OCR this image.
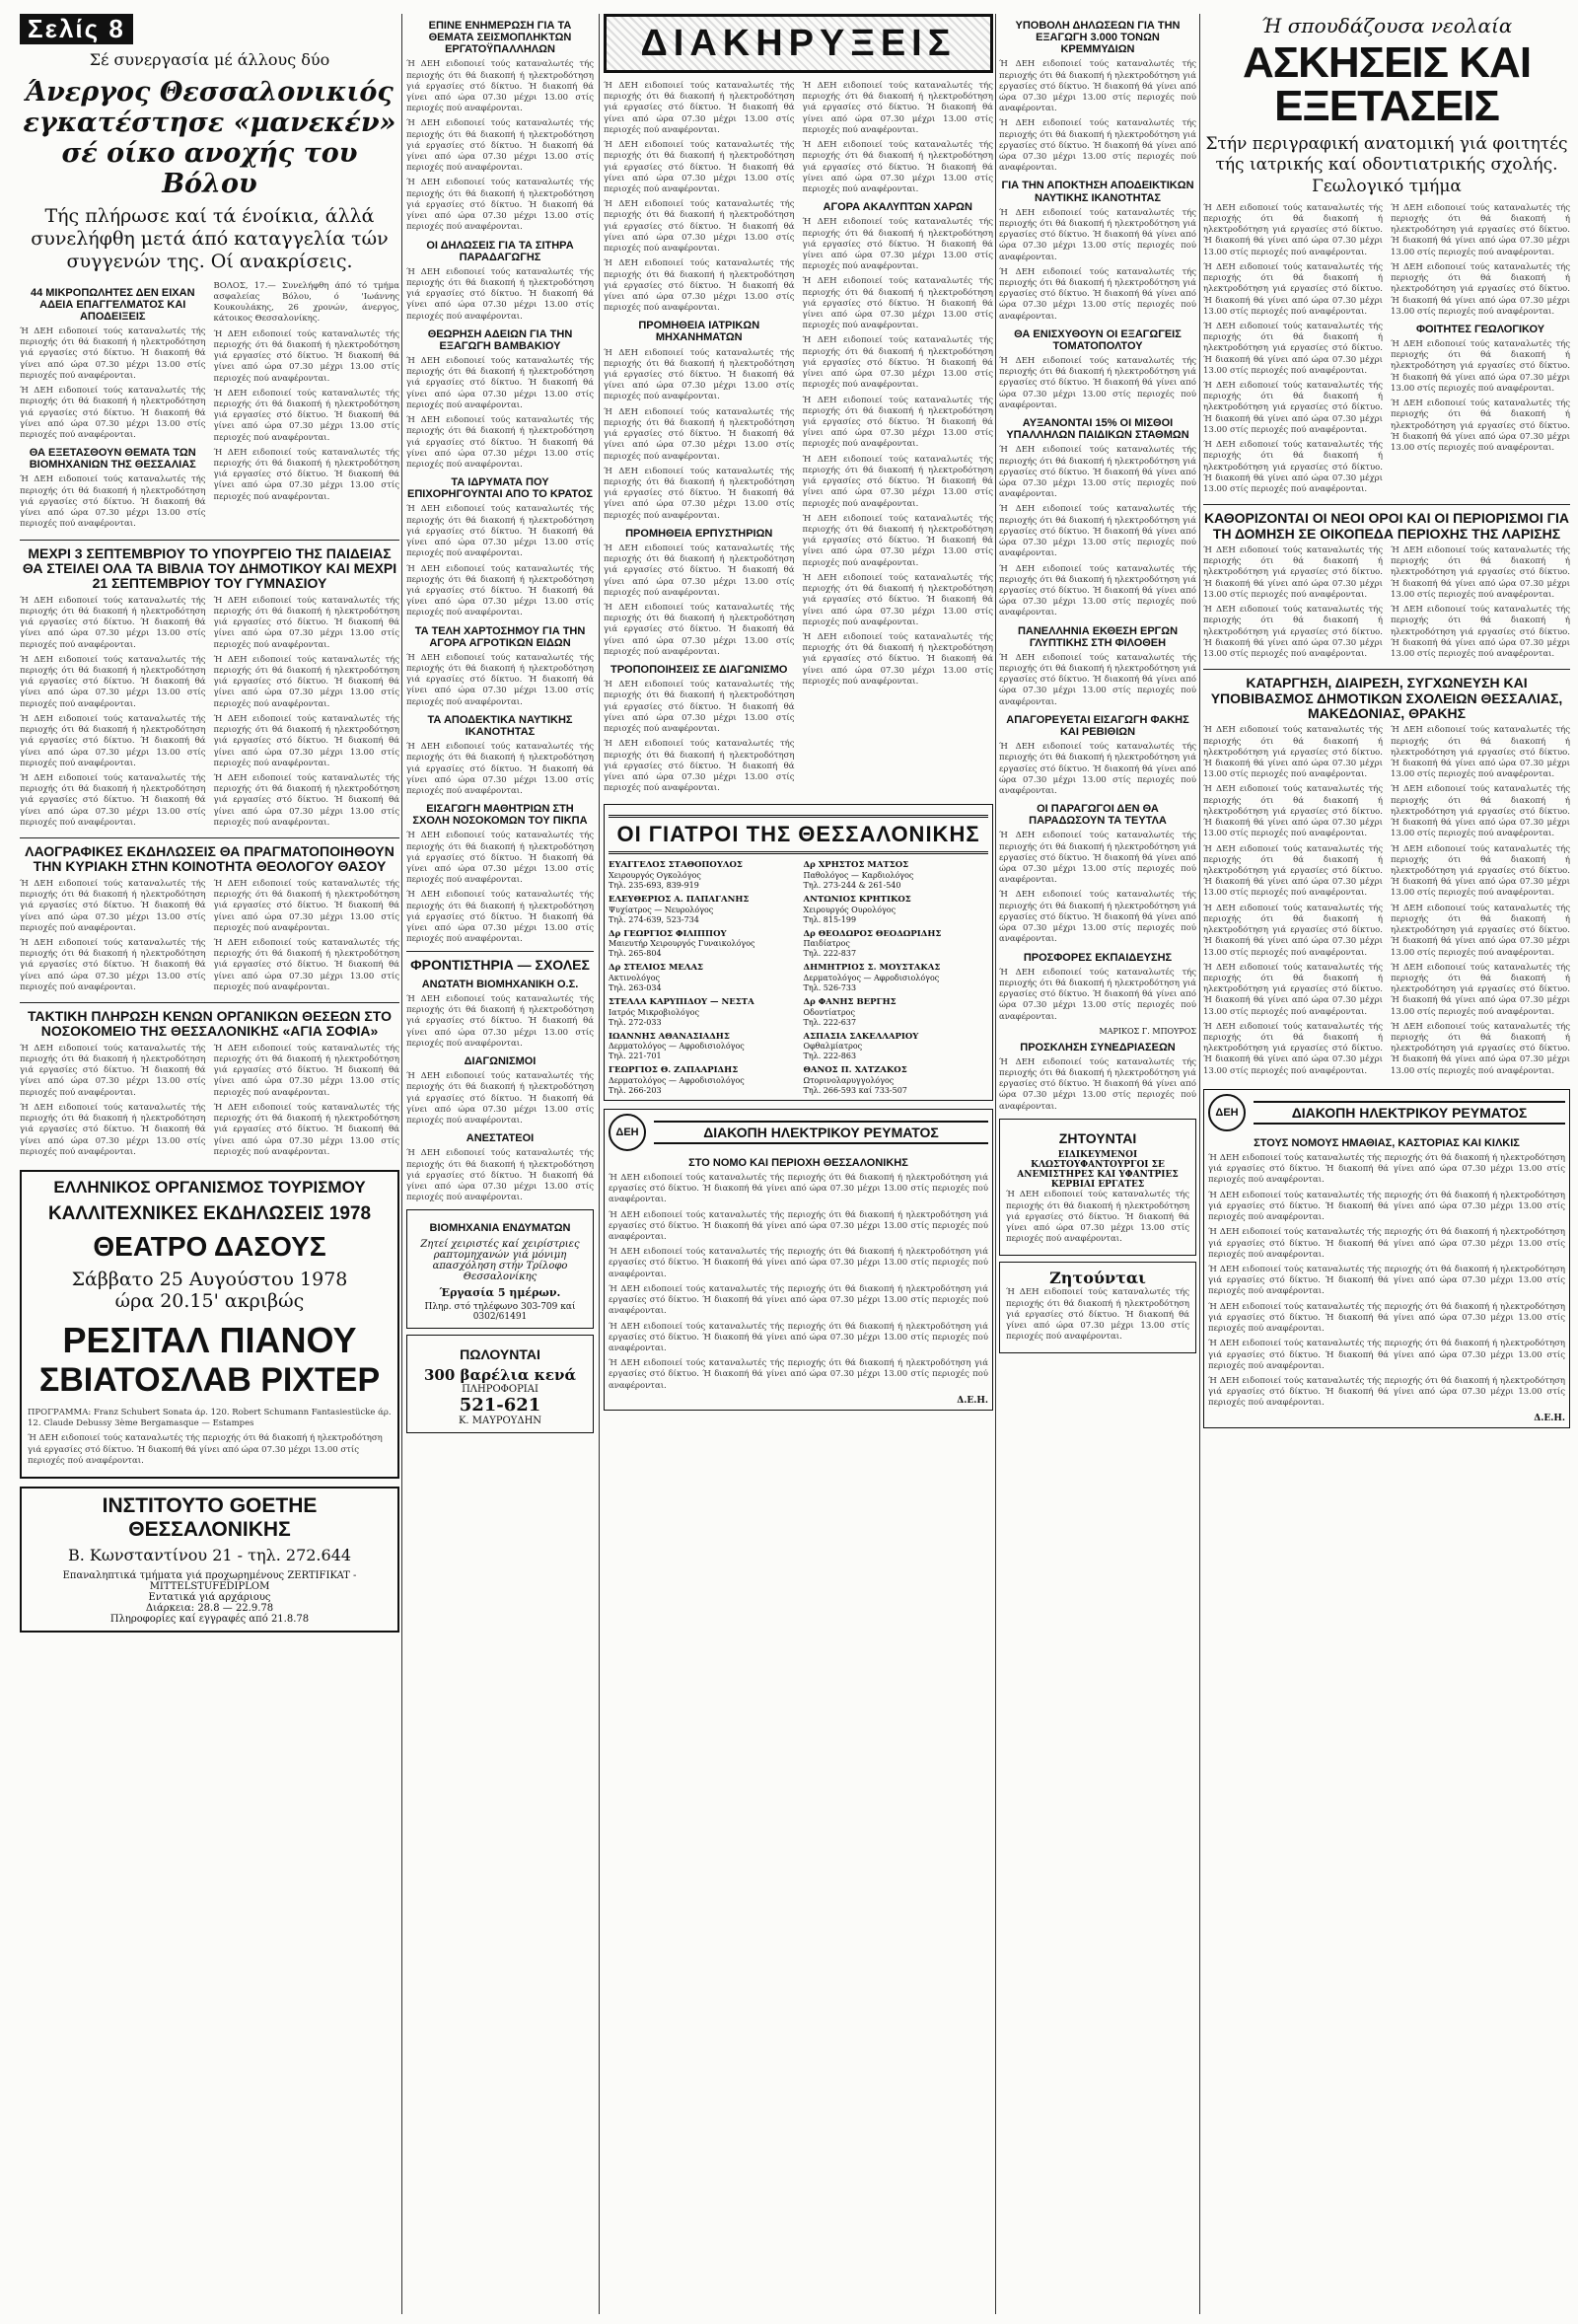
Σελίς 8
Σέ συνεργασία μέ άλλους δύο
Άνεργος Θεσσαλονικιός εγκατέστησε «μανεκέν» σέ οίκο ανοχής του Βόλου
Τής πλήρωσε καί τά ένοίκια, άλλά συνελήφθη μετά άπό καταγγελία τών συγγενών της. Οί ανακρίσεις.
44 ΜΙΚΡΟΠΩΛΗΤΕΣ ΔΕΝ ΕΙΧΑΝ ΑΔΕΙΑ ΕΠΑΓΓΕΛΜΑΤΟΣ ΚΑΙ ΑΠΟΔΕΙΞΕΙΣ

Ή ΔΕΗ ειδοποιεί τούς καταναλωτές τής περιοχής ότι θά διακοπή ή ηλεκτροδότηση γιά εργασίες στό δίκτυο. Ή διακοπή θά γίνει από ώρα 07.30 μέχρι 13.00 στίς περιοχές πού αναφέρονται.

Ή ΔΕΗ ειδοποιεί τούς καταναλωτές τής περιοχής ότι θά διακοπή ή ηλεκτροδότηση γιά εργασίες στό δίκτυο. Ή διακοπή θά γίνει από ώρα 07.30 μέχρι 13.00 στίς περιοχές πού αναφέρονται.

ΘΑ ΕΞΕΤΑΣΘΟΥΝ ΘΕΜΑΤΑ ΤΩΝ ΒΙΟΜΗΧΑΝΙΩΝ ΤΗΣ ΘΕΣΣΑΛΙΑΣ

Ή ΔΕΗ ειδοποιεί τούς καταναλωτές τής περιοχής ότι θά διακοπή ή ηλεκτροδότηση γιά εργασίες στό δίκτυο. Ή διακοπή θά γίνει από ώρα 07.30 μέχρι 13.00 στίς περιοχές πού αναφέρονται.

ΒΟΛΟΣ, 17.— Συνελήφθη άπό τό τμήμα ασφαλείας Βόλου, ό 'Ιωάννης Κουκουλάκης, 26 χρονών, άνεργος, κάτοικος Θεσσαλονίκης.

Ή ΔΕΗ ειδοποιεί τούς καταναλωτές τής περιοχής ότι θά διακοπή ή ηλεκτροδότηση γιά εργασίες στό δίκτυο. Ή διακοπή θά γίνει από ώρα 07.30 μέχρι 13.00 στίς περιοχές πού αναφέρονται.

Ή ΔΕΗ ειδοποιεί τούς καταναλωτές τής περιοχής ότι θά διακοπή ή ηλεκτροδότηση γιά εργασίες στό δίκτυο. Ή διακοπή θά γίνει από ώρα 07.30 μέχρι 13.00 στίς περιοχές πού αναφέρονται.

Ή ΔΕΗ ειδοποιεί τούς καταναλωτές τής περιοχής ότι θά διακοπή ή ηλεκτροδότηση γιά εργασίες στό δίκτυο. Ή διακοπή θά γίνει από ώρα 07.30 μέχρι 13.00 στίς περιοχές πού αναφέρονται.

ΜΕΧΡΙ 3 ΣΕΠΤΕΜΒΡΙΟΥ ΤΟ ΥΠΟΥΡΓΕΙΟ ΤΗΣ ΠΑΙΔΕΙΑΣ ΘΑ ΣΤΕΙΛΕΙ ΟΛΑ ΤΑ ΒΙΒΛΙΑ ΤΟΥ ΔΗΜΟΤΙΚΟΥ ΚΑΙ ΜΕΧΡΙ 21 ΣΕΠΤΕΜΒΡΙΟΥ ΤΟΥ ΓΥΜΝΑΣΙΟΥ

Ή ΔΕΗ ειδοποιεί τούς καταναλωτές τής περιοχής ότι θά διακοπή ή ηλεκτροδότηση γιά εργασίες στό δίκτυο. Ή διακοπή θά γίνει από ώρα 07.30 μέχρι 13.00 στίς περιοχές πού αναφέρονται.

Ή ΔΕΗ ειδοποιεί τούς καταναλωτές τής περιοχής ότι θά διακοπή ή ηλεκτροδότηση γιά εργασίες στό δίκτυο. Ή διακοπή θά γίνει από ώρα 07.30 μέχρι 13.00 στίς περιοχές πού αναφέρονται.

Ή ΔΕΗ ειδοποιεί τούς καταναλωτές τής περιοχής ότι θά διακοπή ή ηλεκτροδότηση γιά εργασίες στό δίκτυο. Ή διακοπή θά γίνει από ώρα 07.30 μέχρι 13.00 στίς περιοχές πού αναφέρονται.

Ή ΔΕΗ ειδοποιεί τούς καταναλωτές τής περιοχής ότι θά διακοπή ή ηλεκτροδότηση γιά εργασίες στό δίκτυο. Ή διακοπή θά γίνει από ώρα 07.30 μέχρι 13.00 στίς περιοχές πού αναφέρονται.

Ή ΔΕΗ ειδοποιεί τούς καταναλωτές τής περιοχής ότι θά διακοπή ή ηλεκτροδότηση γιά εργασίες στό δίκτυο. Ή διακοπή θά γίνει από ώρα 07.30 μέχρι 13.00 στίς περιοχές πού αναφέρονται.

Ή ΔΕΗ ειδοποιεί τούς καταναλωτές τής περιοχής ότι θά διακοπή ή ηλεκτροδότηση γιά εργασίες στό δίκτυο. Ή διακοπή θά γίνει από ώρα 07.30 μέχρι 13.00 στίς περιοχές πού αναφέρονται.

Ή ΔΕΗ ειδοποιεί τούς καταναλωτές τής περιοχής ότι θά διακοπή ή ηλεκτροδότηση γιά εργασίες στό δίκτυο. Ή διακοπή θά γίνει από ώρα 07.30 μέχρι 13.00 στίς περιοχές πού αναφέρονται.

Ή ΔΕΗ ειδοποιεί τούς καταναλωτές τής περιοχής ότι θά διακοπή ή ηλεκτροδότηση γιά εργασίες στό δίκτυο. Ή διακοπή θά γίνει από ώρα 07.30 μέχρι 13.00 στίς περιοχές πού αναφέρονται.

ΛΑΟΓΡΑΦΙΚΕΣ ΕΚΔΗΛΩΣΕΙΣ ΘΑ ΠΡΑΓΜΑΤΟΠΟΙΗΘΟΥΝ ΤΗΝ ΚΥΡΙΑΚΗ ΣΤΗΝ ΚΟΙΝΟΤΗΤΑ ΘΕΟΛΟΓΟΥ ΘΑΣΟΥ

Ή ΔΕΗ ειδοποιεί τούς καταναλωτές τής περιοχής ότι θά διακοπή ή ηλεκτροδότηση γιά εργασίες στό δίκτυο. Ή διακοπή θά γίνει από ώρα 07.30 μέχρι 13.00 στίς περιοχές πού αναφέρονται.

Ή ΔΕΗ ειδοποιεί τούς καταναλωτές τής περιοχής ότι θά διακοπή ή ηλεκτροδότηση γιά εργασίες στό δίκτυο. Ή διακοπή θά γίνει από ώρα 07.30 μέχρι 13.00 στίς περιοχές πού αναφέρονται.

Ή ΔΕΗ ειδοποιεί τούς καταναλωτές τής περιοχής ότι θά διακοπή ή ηλεκτροδότηση γιά εργασίες στό δίκτυο. Ή διακοπή θά γίνει από ώρα 07.30 μέχρι 13.00 στίς περιοχές πού αναφέρονται.

Ή ΔΕΗ ειδοποιεί τούς καταναλωτές τής περιοχής ότι θά διακοπή ή ηλεκτροδότηση γιά εργασίες στό δίκτυο. Ή διακοπή θά γίνει από ώρα 07.30 μέχρι 13.00 στίς περιοχές πού αναφέρονται.

ΤΑΚΤΙΚΗ ΠΛΗΡΩΣΗ ΚΕΝΩΝ ΟΡΓΑΝΙΚΩΝ ΘΕΣΕΩΝ ΣΤΟ ΝΟΣΟΚΟΜΕΙΟ ΤΗΣ ΘΕΣΣΑΛΟΝΙΚΗΣ «ΑΓΙΑ ΣΟΦΙΑ»

Ή ΔΕΗ ειδοποιεί τούς καταναλωτές τής περιοχής ότι θά διακοπή ή ηλεκτροδότηση γιά εργασίες στό δίκτυο. Ή διακοπή θά γίνει από ώρα 07.30 μέχρι 13.00 στίς περιοχές πού αναφέρονται.

Ή ΔΕΗ ειδοποιεί τούς καταναλωτές τής περιοχής ότι θά διακοπή ή ηλεκτροδότηση γιά εργασίες στό δίκτυο. Ή διακοπή θά γίνει από ώρα 07.30 μέχρι 13.00 στίς περιοχές πού αναφέρονται.

Ή ΔΕΗ ειδοποιεί τούς καταναλωτές τής περιοχής ότι θά διακοπή ή ηλεκτροδότηση γιά εργασίες στό δίκτυο. Ή διακοπή θά γίνει από ώρα 07.30 μέχρι 13.00 στίς περιοχές πού αναφέρονται.

Ή ΔΕΗ ειδοποιεί τούς καταναλωτές τής περιοχής ότι θά διακοπή ή ηλεκτροδότηση γιά εργασίες στό δίκτυο. Ή διακοπή θά γίνει από ώρα 07.30 μέχρι 13.00 στίς περιοχές πού αναφέρονται.

ΕΛΛΗΝΙΚΟΣ ΟΡΓΑΝΙΣΜΟΣ ΤΟΥΡΙΣΜΟΥ
ΚΑΛΛΙΤΕΧΝΙΚΕΣ ΕΚΔΗΛΩΣΕΙΣ 1978
ΘΕΑΤΡΟ ΔΑΣΟΥΣ
Σάββατο 25 Αυγούστου 1978
ώρα 20.15' ακριβώς
ΡΕΣΙΤΑΛ ΠΙΑΝΟΥ
ΣΒΙΑΤΟΣΛΑΒ ΡΙΧΤΕΡ

ΠΡΟΓΡΑΜΜΑ: Franz Schubert Sonata άρ. 120. Robert Schumann Fantasiestücke άρ. 12. Claude Debussy 3ème Bergamasque — Estampes

Ή ΔΕΗ ειδοποιεί τούς καταναλωτές τής περιοχής ότι θά διακοπή ή ηλεκτροδότηση γιά εργασίες στό δίκτυο. Ή διακοπή θά γίνει από ώρα 07.30 μέχρι 13.00 στίς περιοχές πού αναφέρονται.

ΙΝΣΤΙΤΟΥΤΟ GOETHE ΘΕΣΣΑΛΟΝΙΚΗΣ
Β. Κωνσταντίνου 21 - τηλ. 272.644
Επαναληπτικά τμήματα γιά προχωρημένους ZERTIFIKAT - MITTELSTUFEDIPLOM
Εντατικά γιά αρχάριους
Διάρκεια: 28.8 — 22.9.78
Πληροφορίες καί εγγραφές από 21.8.78
ΕΠΙΝΕ ΕΝΗΜΕΡΩΣΗ ΓΙΑ ΤΑ ΘΕΜΑΤΑ ΣΕΙΣΜΟΠΛΗΚΤΩΝ ΕΡΓΑΤΟΫΠΑΛΛΗΛΩΝ

Ή ΔΕΗ ειδοποιεί τούς καταναλωτές τής περιοχής ότι θά διακοπή ή ηλεκτροδότηση γιά εργασίες στό δίκτυο. Ή διακοπή θά γίνει από ώρα 07.30 μέχρι 13.00 στίς περιοχές πού αναφέρονται.

Ή ΔΕΗ ειδοποιεί τούς καταναλωτές τής περιοχής ότι θά διακοπή ή ηλεκτροδότηση γιά εργασίες στό δίκτυο. Ή διακοπή θά γίνει από ώρα 07.30 μέχρι 13.00 στίς περιοχές πού αναφέρονται.

Ή ΔΕΗ ειδοποιεί τούς καταναλωτές τής περιοχής ότι θά διακοπή ή ηλεκτροδότηση γιά εργασίες στό δίκτυο. Ή διακοπή θά γίνει από ώρα 07.30 μέχρι 13.00 στίς περιοχές πού αναφέρονται.

ΟΙ ΔΗΛΩΣΕΙΣ ΓΙΑ ΤΑ ΣΙΤΗΡΑ ΠΑΡΑΔΑΓΩΓΗΣ

Ή ΔΕΗ ειδοποιεί τούς καταναλωτές τής περιοχής ότι θά διακοπή ή ηλεκτροδότηση γιά εργασίες στό δίκτυο. Ή διακοπή θά γίνει από ώρα 07.30 μέχρι 13.00 στίς περιοχές πού αναφέρονται.

ΘΕΩΡΗΣΗ ΑΔΕΙΩΝ ΓΙΑ ΤΗΝ ΕΞΑΓΩΓΗ ΒΑΜΒΑΚΙΟΥ

Ή ΔΕΗ ειδοποιεί τούς καταναλωτές τής περιοχής ότι θά διακοπή ή ηλεκτροδότηση γιά εργασίες στό δίκτυο. Ή διακοπή θά γίνει από ώρα 07.30 μέχρι 13.00 στίς περιοχές πού αναφέρονται.

Ή ΔΕΗ ειδοποιεί τούς καταναλωτές τής περιοχής ότι θά διακοπή ή ηλεκτροδότηση γιά εργασίες στό δίκτυο. Ή διακοπή θά γίνει από ώρα 07.30 μέχρι 13.00 στίς περιοχές πού αναφέρονται.

ΤΑ ΙΔΡΥΜΑΤΑ ΠΟΥ ΕΠΙΧΟΡΗΓΟΥΝΤΑΙ ΑΠΟ ΤΟ ΚΡΑΤΟΣ

Ή ΔΕΗ ειδοποιεί τούς καταναλωτές τής περιοχής ότι θά διακοπή ή ηλεκτροδότηση γιά εργασίες στό δίκτυο. Ή διακοπή θά γίνει από ώρα 07.30 μέχρι 13.00 στίς περιοχές πού αναφέρονται.

Ή ΔΕΗ ειδοποιεί τούς καταναλωτές τής περιοχής ότι θά διακοπή ή ηλεκτροδότηση γιά εργασίες στό δίκτυο. Ή διακοπή θά γίνει από ώρα 07.30 μέχρι 13.00 στίς περιοχές πού αναφέρονται.

ΤΑ ΤΕΛΗ ΧΑΡΤΟΣΗΜΟΥ ΓΙΑ ΤΗΝ ΑΓΟΡΑ ΑΓΡΟΤΙΚΩΝ ΕΙΔΩΝ

Ή ΔΕΗ ειδοποιεί τούς καταναλωτές τής περιοχής ότι θά διακοπή ή ηλεκτροδότηση γιά εργασίες στό δίκτυο. Ή διακοπή θά γίνει από ώρα 07.30 μέχρι 13.00 στίς περιοχές πού αναφέρονται.

ΤΑ ΑΠΟΔΕΚΤΙΚΑ ΝΑΥΤΙΚΗΣ ΙΚΑΝΟΤΗΤΑΣ

Ή ΔΕΗ ειδοποιεί τούς καταναλωτές τής περιοχής ότι θά διακοπή ή ηλεκτροδότηση γιά εργασίες στό δίκτυο. Ή διακοπή θά γίνει από ώρα 07.30 μέχρι 13.00 στίς περιοχές πού αναφέρονται.

ΕΙΣΑΓΩΓΗ ΜΑΘΗΤΡΙΩΝ ΣΤΗ ΣΧΟΛΗ ΝΟΣΟΚΟΜΩΝ ΤΟΥ ΠΙΚΠΑ

Ή ΔΕΗ ειδοποιεί τούς καταναλωτές τής περιοχής ότι θά διακοπή ή ηλεκτροδότηση γιά εργασίες στό δίκτυο. Ή διακοπή θά γίνει από ώρα 07.30 μέχρι 13.00 στίς περιοχές πού αναφέρονται.

Ή ΔΕΗ ειδοποιεί τούς καταναλωτές τής περιοχής ότι θά διακοπή ή ηλεκτροδότηση γιά εργασίες στό δίκτυο. Ή διακοπή θά γίνει από ώρα 07.30 μέχρι 13.00 στίς περιοχές πού αναφέρονται.

ΦΡΟΝΤΙΣΤΗΡΙΑ — ΣΧΟΛΕΣ
ΑΝΩΤΑΤΗ ΒΙΟΜΗΧΑΝΙΚΗ Ο.Σ.

Ή ΔΕΗ ειδοποιεί τούς καταναλωτές τής περιοχής ότι θά διακοπή ή ηλεκτροδότηση γιά εργασίες στό δίκτυο. Ή διακοπή θά γίνει από ώρα 07.30 μέχρι 13.00 στίς περιοχές πού αναφέρονται.

ΔΙΑΓΩΝΙΣΜΟΙ

Ή ΔΕΗ ειδοποιεί τούς καταναλωτές τής περιοχής ότι θά διακοπή ή ηλεκτροδότηση γιά εργασίες στό δίκτυο. Ή διακοπή θά γίνει από ώρα 07.30 μέχρι 13.00 στίς περιοχές πού αναφέρονται.

ΑΝΕΣΤΑΤΕΟΙ

Ή ΔΕΗ ειδοποιεί τούς καταναλωτές τής περιοχής ότι θά διακοπή ή ηλεκτροδότηση γιά εργασίες στό δίκτυο. Ή διακοπή θά γίνει από ώρα 07.30 μέχρι 13.00 στίς περιοχές πού αναφέρονται.

ΒΙΟΜΗΧΑΝΙΑ ΕΝΔΥΜΑΤΩΝ
Ζητεί χειριστές καί χειρίστριες ραπτομηχανών γιά μόνιμη απασχόληση στήν Τρίλοφο Θεσσαλονίκης
Έργασία 5 ημέρων.
Πληρ. στό τηλέφωνο 303-709 καί 0302/61491
ΠΩΛΟΥΝΤΑΙ
300 βαρέλια κενά
ΠΛΗΡΟΦΟΡΙΑΙ
521-621
Κ. ΜΑΥΡΟΥΔΗΝ
ΔΙΑΚΗΡΥΞΕΙΣ

Ή ΔΕΗ ειδοποιεί τούς καταναλωτές τής περιοχής ότι θά διακοπή ή ηλεκτροδότηση γιά εργασίες στό δίκτυο. Ή διακοπή θά γίνει από ώρα 07.30 μέχρι 13.00 στίς περιοχές πού αναφέρονται.

Ή ΔΕΗ ειδοποιεί τούς καταναλωτές τής περιοχής ότι θά διακοπή ή ηλεκτροδότηση γιά εργασίες στό δίκτυο. Ή διακοπή θά γίνει από ώρα 07.30 μέχρι 13.00 στίς περιοχές πού αναφέρονται.

Ή ΔΕΗ ειδοποιεί τούς καταναλωτές τής περιοχής ότι θά διακοπή ή ηλεκτροδότηση γιά εργασίες στό δίκτυο. Ή διακοπή θά γίνει από ώρα 07.30 μέχρι 13.00 στίς περιοχές πού αναφέρονται.

Ή ΔΕΗ ειδοποιεί τούς καταναλωτές τής περιοχής ότι θά διακοπή ή ηλεκτροδότηση γιά εργασίες στό δίκτυο. Ή διακοπή θά γίνει από ώρα 07.30 μέχρι 13.00 στίς περιοχές πού αναφέρονται.

ΠΡΟΜΗΘΕΙΑ ΙΑΤΡΙΚΩΝ ΜΗΧΑΝΗΜΑΤΩΝ

Ή ΔΕΗ ειδοποιεί τούς καταναλωτές τής περιοχής ότι θά διακοπή ή ηλεκτροδότηση γιά εργασίες στό δίκτυο. Ή διακοπή θά γίνει από ώρα 07.30 μέχρι 13.00 στίς περιοχές πού αναφέρονται.

Ή ΔΕΗ ειδοποιεί τούς καταναλωτές τής περιοχής ότι θά διακοπή ή ηλεκτροδότηση γιά εργασίες στό δίκτυο. Ή διακοπή θά γίνει από ώρα 07.30 μέχρι 13.00 στίς περιοχές πού αναφέρονται.

Ή ΔΕΗ ειδοποιεί τούς καταναλωτές τής περιοχής ότι θά διακοπή ή ηλεκτροδότηση γιά εργασίες στό δίκτυο. Ή διακοπή θά γίνει από ώρα 07.30 μέχρι 13.00 στίς περιοχές πού αναφέρονται.

ΠΡΟΜΗΘΕΙΑ ΕΡΠΥΣΤΗΡΙΩΝ

Ή ΔΕΗ ειδοποιεί τούς καταναλωτές τής περιοχής ότι θά διακοπή ή ηλεκτροδότηση γιά εργασίες στό δίκτυο. Ή διακοπή θά γίνει από ώρα 07.30 μέχρι 13.00 στίς περιοχές πού αναφέρονται.

Ή ΔΕΗ ειδοποιεί τούς καταναλωτές τής περιοχής ότι θά διακοπή ή ηλεκτροδότηση γιά εργασίες στό δίκτυο. Ή διακοπή θά γίνει από ώρα 07.30 μέχρι 13.00 στίς περιοχές πού αναφέρονται.

ΤΡΟΠΟΠΟΙΗΣΕΙΣ ΣΕ ΔΙΑΓΩΝΙΣΜΟ

Ή ΔΕΗ ειδοποιεί τούς καταναλωτές τής περιοχής ότι θά διακοπή ή ηλεκτροδότηση γιά εργασίες στό δίκτυο. Ή διακοπή θά γίνει από ώρα 07.30 μέχρι 13.00 στίς περιοχές πού αναφέρονται.

Ή ΔΕΗ ειδοποιεί τούς καταναλωτές τής περιοχής ότι θά διακοπή ή ηλεκτροδότηση γιά εργασίες στό δίκτυο. Ή διακοπή θά γίνει από ώρα 07.30 μέχρι 13.00 στίς περιοχές πού αναφέρονται.

Ή ΔΕΗ ειδοποιεί τούς καταναλωτές τής περιοχής ότι θά διακοπή ή ηλεκτροδότηση γιά εργασίες στό δίκτυο. Ή διακοπή θά γίνει από ώρα 07.30 μέχρι 13.00 στίς περιοχές πού αναφέρονται.

Ή ΔΕΗ ειδοποιεί τούς καταναλωτές τής περιοχής ότι θά διακοπή ή ηλεκτροδότηση γιά εργασίες στό δίκτυο. Ή διακοπή θά γίνει από ώρα 07.30 μέχρι 13.00 στίς περιοχές πού αναφέρονται.

ΑΓΟΡΑ ΑΚΑΛΥΠΤΩΝ ΧΑΡΩΝ

Ή ΔΕΗ ειδοποιεί τούς καταναλωτές τής περιοχής ότι θά διακοπή ή ηλεκτροδότηση γιά εργασίες στό δίκτυο. Ή διακοπή θά γίνει από ώρα 07.30 μέχρι 13.00 στίς περιοχές πού αναφέρονται.

Ή ΔΕΗ ειδοποιεί τούς καταναλωτές τής περιοχής ότι θά διακοπή ή ηλεκτροδότηση γιά εργασίες στό δίκτυο. Ή διακοπή θά γίνει από ώρα 07.30 μέχρι 13.00 στίς περιοχές πού αναφέρονται.

Ή ΔΕΗ ειδοποιεί τούς καταναλωτές τής περιοχής ότι θά διακοπή ή ηλεκτροδότηση γιά εργασίες στό δίκτυο. Ή διακοπή θά γίνει από ώρα 07.30 μέχρι 13.00 στίς περιοχές πού αναφέρονται.

Ή ΔΕΗ ειδοποιεί τούς καταναλωτές τής περιοχής ότι θά διακοπή ή ηλεκτροδότηση γιά εργασίες στό δίκτυο. Ή διακοπή θά γίνει από ώρα 07.30 μέχρι 13.00 στίς περιοχές πού αναφέρονται.

Ή ΔΕΗ ειδοποιεί τούς καταναλωτές τής περιοχής ότι θά διακοπή ή ηλεκτροδότηση γιά εργασίες στό δίκτυο. Ή διακοπή θά γίνει από ώρα 07.30 μέχρι 13.00 στίς περιοχές πού αναφέρονται.

Ή ΔΕΗ ειδοποιεί τούς καταναλωτές τής περιοχής ότι θά διακοπή ή ηλεκτροδότηση γιά εργασίες στό δίκτυο. Ή διακοπή θά γίνει από ώρα 07.30 μέχρι 13.00 στίς περιοχές πού αναφέρονται.

Ή ΔΕΗ ειδοποιεί τούς καταναλωτές τής περιοχής ότι θά διακοπή ή ηλεκτροδότηση γιά εργασίες στό δίκτυο. Ή διακοπή θά γίνει από ώρα 07.30 μέχρι 13.00 στίς περιοχές πού αναφέρονται.

Ή ΔΕΗ ειδοποιεί τούς καταναλωτές τής περιοχής ότι θά διακοπή ή ηλεκτροδότηση γιά εργασίες στό δίκτυο. Ή διακοπή θά γίνει από ώρα 07.30 μέχρι 13.00 στίς περιοχές πού αναφέρονται.

ΟΙ ΓΙΑΤΡΟΙ ΤΗΣ ΘΕΣΣΑΛΟΝΙΚΗΣ
ΕΥΑΓΓΕΛΟΣ ΣΤΑΘΟΠΟΥΛΟΣ
Χειρουργός Ογκολόγος
Τηλ. 235-693, 839-919
Δρ ΧΡΗΣΤΟΣ ΜΑΤΣΟΣ
Παθολόγος — Καρδιολόγος
Τηλ. 273-244 & 261-540
ΕΛΕΥΘΕΡΙΟΣ Α. ΠΑΠΑΓΑΝΗΣ
Ψυχίατρος — Νευρολόγος
Τηλ. 274-639, 523-734
ΑΝΤΩΝΙΟΣ ΚΡΗΤΙΚΟΣ
Χειρουργός Ουρολόγος
Τηλ. 815-199
Δρ ΓΕΩΡΓΙΟΣ ΦΙΛΙΠΠΟΥ
Μαιευτήρ Χειρουργός Γυναικολόγος
Τηλ. 265-804
Δρ ΘΕΟΔΩΡΟΣ ΘΕΟΔΩΡΙΔΗΣ
Παιδίατρος
Τηλ. 222-837
Δρ ΣΤΕΛΙΟΣ ΜΕΛΑΣ
Ακτινολόγος
Τηλ. 263-034
ΔΗΜΗΤΡΙΟΣ Σ. ΜΟΥΣΤΑΚΑΣ
Δερματολόγος — Αφροδισιολόγος
Τηλ. 526-733
ΣΤΕΛΛΑ ΚΑΡΥΠΙΔΟΥ — ΝΕΣΤΑ
Ιατρός Μικροβιολόγος
Τηλ. 272-033
Δρ ΦΑΝΗΣ ΒΕΡΓΗΣ
Οδοντίατρος
Τηλ. 222-637
ΙΩΑΝΝΗΣ ΑΘΑΝΑΣΙΑΔΗΣ
Δερματολόγος — Αφροδισιολόγος
Τηλ. 221-701
ΑΣΠΑΣΙΑ ΣΑΚΕΛΛΑΡΙΟΥ
Οφθαλμίατρος
Τηλ. 222-863
ΓΕΩΡΓΙΟΣ Θ. ΖΑΠΑΑΡΙΔΗΣ
Δερματολόγος — Αφροδισιολόγος
Τηλ. 266-203
ΘΑΝΟΣ Π. ΧΑΤΖΑΚΟΣ
Ωτορινολαρυγγολόγος
Τηλ. 266-593 καί 733-507
ΔΕΗ	ΔΙΑΚΟΠΗ ΗΛΕΚΤΡΙΚΟΥ ΡΕΥΜΑΤΟΣ
ΣΤΟ ΝΟΜΟ ΚΑΙ ΠΕΡΙΟΧΗ ΘΕΣΣΑΛΟΝΙΚΗΣ

Ή ΔΕΗ ειδοποιεί τούς καταναλωτές τής περιοχής ότι θά διακοπή ή ηλεκτροδότηση γιά εργασίες στό δίκτυο. Ή διακοπή θά γίνει από ώρα 07.30 μέχρι 13.00 στίς περιοχές πού αναφέρονται.

Ή ΔΕΗ ειδοποιεί τούς καταναλωτές τής περιοχής ότι θά διακοπή ή ηλεκτροδότηση γιά εργασίες στό δίκτυο. Ή διακοπή θά γίνει από ώρα 07.30 μέχρι 13.00 στίς περιοχές πού αναφέρονται.

Ή ΔΕΗ ειδοποιεί τούς καταναλωτές τής περιοχής ότι θά διακοπή ή ηλεκτροδότηση γιά εργασίες στό δίκτυο. Ή διακοπή θά γίνει από ώρα 07.30 μέχρι 13.00 στίς περιοχές πού αναφέρονται.

Ή ΔΕΗ ειδοποιεί τούς καταναλωτές τής περιοχής ότι θά διακοπή ή ηλεκτροδότηση γιά εργασίες στό δίκτυο. Ή διακοπή θά γίνει από ώρα 07.30 μέχρι 13.00 στίς περιοχές πού αναφέρονται.

Ή ΔΕΗ ειδοποιεί τούς καταναλωτές τής περιοχής ότι θά διακοπή ή ηλεκτροδότηση γιά εργασίες στό δίκτυο. Ή διακοπή θά γίνει από ώρα 07.30 μέχρι 13.00 στίς περιοχές πού αναφέρονται.

Ή ΔΕΗ ειδοποιεί τούς καταναλωτές τής περιοχής ότι θά διακοπή ή ηλεκτροδότηση γιά εργασίες στό δίκτυο. Ή διακοπή θά γίνει από ώρα 07.30 μέχρι 13.00 στίς περιοχές πού αναφέρονται.

Δ.Ε.Η.
ΥΠΟΒΟΛΗ ΔΗΛΩΣΕΩΝ ΓΙΑ ΤΗΝ ΕΞΑΓΩΓΗ 3.000 ΤΟΝΩΝ ΚΡΕΜΜΥΔΙΩΝ

Ή ΔΕΗ ειδοποιεί τούς καταναλωτές τής περιοχής ότι θά διακοπή ή ηλεκτροδότηση γιά εργασίες στό δίκτυο. Ή διακοπή θά γίνει από ώρα 07.30 μέχρι 13.00 στίς περιοχές πού αναφέρονται.

Ή ΔΕΗ ειδοποιεί τούς καταναλωτές τής περιοχής ότι θά διακοπή ή ηλεκτροδότηση γιά εργασίες στό δίκτυο. Ή διακοπή θά γίνει από ώρα 07.30 μέχρι 13.00 στίς περιοχές πού αναφέρονται.

ΓΙΑ ΤΗΝ ΑΠΟΚΤΗΣΗ ΑΠΟΔΕΙΚΤΙΚΩΝ ΝΑΥΤΙΚΗΣ ΙΚΑΝΟΤΗΤΑΣ

Ή ΔΕΗ ειδοποιεί τούς καταναλωτές τής περιοχής ότι θά διακοπή ή ηλεκτροδότηση γιά εργασίες στό δίκτυο. Ή διακοπή θά γίνει από ώρα 07.30 μέχρι 13.00 στίς περιοχές πού αναφέρονται.

Ή ΔΕΗ ειδοποιεί τούς καταναλωτές τής περιοχής ότι θά διακοπή ή ηλεκτροδότηση γιά εργασίες στό δίκτυο. Ή διακοπή θά γίνει από ώρα 07.30 μέχρι 13.00 στίς περιοχές πού αναφέρονται.

ΘΑ ΕΝΙΣΧΥΘΟΥΝ ΟΙ ΕΞΑΓΩΓΕΙΣ ΤΟΜΑΤΟΠΟΛΤΟΥ

Ή ΔΕΗ ειδοποιεί τούς καταναλωτές τής περιοχής ότι θά διακοπή ή ηλεκτροδότηση γιά εργασίες στό δίκτυο. Ή διακοπή θά γίνει από ώρα 07.30 μέχρι 13.00 στίς περιοχές πού αναφέρονται.

ΑΥΞΑΝΟΝΤΑΙ 15% ΟΙ ΜΙΣΘΟΙ ΥΠΑΛΛΗΛΩΝ ΠΑΙΔΙΚΩΝ ΣΤΑΘΜΩΝ

Ή ΔΕΗ ειδοποιεί τούς καταναλωτές τής περιοχής ότι θά διακοπή ή ηλεκτροδότηση γιά εργασίες στό δίκτυο. Ή διακοπή θά γίνει από ώρα 07.30 μέχρι 13.00 στίς περιοχές πού αναφέρονται.

Ή ΔΕΗ ειδοποιεί τούς καταναλωτές τής περιοχής ότι θά διακοπή ή ηλεκτροδότηση γιά εργασίες στό δίκτυο. Ή διακοπή θά γίνει από ώρα 07.30 μέχρι 13.00 στίς περιοχές πού αναφέρονται.

Ή ΔΕΗ ειδοποιεί τούς καταναλωτές τής περιοχής ότι θά διακοπή ή ηλεκτροδότηση γιά εργασίες στό δίκτυο. Ή διακοπή θά γίνει από ώρα 07.30 μέχρι 13.00 στίς περιοχές πού αναφέρονται.

ΠΑΝΕΛΛΗΝΙΑ ΕΚΘΕΣΗ ΕΡΓΩΝ ΓΛΥΠΤΙΚΗΣ ΣΤΗ ΦΙΛΟΘΕΗ

Ή ΔΕΗ ειδοποιεί τούς καταναλωτές τής περιοχής ότι θά διακοπή ή ηλεκτροδότηση γιά εργασίες στό δίκτυο. Ή διακοπή θά γίνει από ώρα 07.30 μέχρι 13.00 στίς περιοχές πού αναφέρονται.

ΑΠΑΓΟΡΕΥΕΤΑΙ ΕΙΣΑΓΩΓΗ ΦΑΚΗΣ ΚΑΙ ΡΕΒΙΘΙΩΝ

Ή ΔΕΗ ειδοποιεί τούς καταναλωτές τής περιοχής ότι θά διακοπή ή ηλεκτροδότηση γιά εργασίες στό δίκτυο. Ή διακοπή θά γίνει από ώρα 07.30 μέχρι 13.00 στίς περιοχές πού αναφέρονται.

ΟΙ ΠΑΡΑΓΩΓΟΙ ΔΕΝ ΘΑ ΠΑΡΑΔΩΣΟΥΝ ΤΑ ΤΕΥΤΛΑ

Ή ΔΕΗ ειδοποιεί τούς καταναλωτές τής περιοχής ότι θά διακοπή ή ηλεκτροδότηση γιά εργασίες στό δίκτυο. Ή διακοπή θά γίνει από ώρα 07.30 μέχρι 13.00 στίς περιοχές πού αναφέρονται.

Ή ΔΕΗ ειδοποιεί τούς καταναλωτές τής περιοχής ότι θά διακοπή ή ηλεκτροδότηση γιά εργασίες στό δίκτυο. Ή διακοπή θά γίνει από ώρα 07.30 μέχρι 13.00 στίς περιοχές πού αναφέρονται.

ΠΡΟΣΦΟΡΕΣ ΕΚΠΑΙΔΕΥΣΗΣ

Ή ΔΕΗ ειδοποιεί τούς καταναλωτές τής περιοχής ότι θά διακοπή ή ηλεκτροδότηση γιά εργασίες στό δίκτυο. Ή διακοπή θά γίνει από ώρα 07.30 μέχρι 13.00 στίς περιοχές πού αναφέρονται.

ΜΑΡΙΚΟΣ Γ. ΜΠΟΥΡΟΣ
ΠΡΟΣΚΛΗΣΗ ΣΥΝΕΔΡΙΑΣΕΩΝ

Ή ΔΕΗ ειδοποιεί τούς καταναλωτές τής περιοχής ότι θά διακοπή ή ηλεκτροδότηση γιά εργασίες στό δίκτυο. Ή διακοπή θά γίνει από ώρα 07.30 μέχρι 13.00 στίς περιοχές πού αναφέρονται.

ΖΗΤΟΥΝΤΑΙ
ΕΙΔΙΚΕΥΜΕΝΟΙ ΚΛΩΣΤΟΥΦΑΝΤΟΥΡΓΟΙ ΣΕ ΑΝΕΜΙΣΤΗΡΕΣ ΚΑΙ ΥΦΑΝΤΡΙΕΣ ΚΕΡΒΙΑΙ ΕΡΓΑΤΕΣ

Ή ΔΕΗ ειδοποιεί τούς καταναλωτές τής περιοχής ότι θά διακοπή ή ηλεκτροδότηση γιά εργασίες στό δίκτυο. Ή διακοπή θά γίνει από ώρα 07.30 μέχρι 13.00 στίς περιοχές πού αναφέρονται.

Ζητούνται

Ή ΔΕΗ ειδοποιεί τούς καταναλωτές τής περιοχής ότι θά διακοπή ή ηλεκτροδότηση γιά εργασίες στό δίκτυο. Ή διακοπή θά γίνει από ώρα 07.30 μέχρι 13.00 στίς περιοχές πού αναφέρονται.

Ή σπουδάζουσα νεολαία
ΑΣΚΗΣΕΙΣ ΚΑΙ ΕΞΕΤΑΣΕΙΣ
Στήν περιγραφική ανατομική γιά φοιτητές τής ιατρικής καί οδοντιατρικής σχολής. Γεωλογικό τμήμα

Ή ΔΕΗ ειδοποιεί τούς καταναλωτές τής περιοχής ότι θά διακοπή ή ηλεκτροδότηση γιά εργασίες στό δίκτυο. Ή διακοπή θά γίνει από ώρα 07.30 μέχρι 13.00 στίς περιοχές πού αναφέρονται.

Ή ΔΕΗ ειδοποιεί τούς καταναλωτές τής περιοχής ότι θά διακοπή ή ηλεκτροδότηση γιά εργασίες στό δίκτυο. Ή διακοπή θά γίνει από ώρα 07.30 μέχρι 13.00 στίς περιοχές πού αναφέρονται.

Ή ΔΕΗ ειδοποιεί τούς καταναλωτές τής περιοχής ότι θά διακοπή ή ηλεκτροδότηση γιά εργασίες στό δίκτυο. Ή διακοπή θά γίνει από ώρα 07.30 μέχρι 13.00 στίς περιοχές πού αναφέρονται.

Ή ΔΕΗ ειδοποιεί τούς καταναλωτές τής περιοχής ότι θά διακοπή ή ηλεκτροδότηση γιά εργασίες στό δίκτυο. Ή διακοπή θά γίνει από ώρα 07.30 μέχρι 13.00 στίς περιοχές πού αναφέρονται.

Ή ΔΕΗ ειδοποιεί τούς καταναλωτές τής περιοχής ότι θά διακοπή ή ηλεκτροδότηση γιά εργασίες στό δίκτυο. Ή διακοπή θά γίνει από ώρα 07.30 μέχρι 13.00 στίς περιοχές πού αναφέρονται.

Ή ΔΕΗ ειδοποιεί τούς καταναλωτές τής περιοχής ότι θά διακοπή ή ηλεκτροδότηση γιά εργασίες στό δίκτυο. Ή διακοπή θά γίνει από ώρα 07.30 μέχρι 13.00 στίς περιοχές πού αναφέρονται.

Ή ΔΕΗ ειδοποιεί τούς καταναλωτές τής περιοχής ότι θά διακοπή ή ηλεκτροδότηση γιά εργασίες στό δίκτυο. Ή διακοπή θά γίνει από ώρα 07.30 μέχρι 13.00 στίς περιοχές πού αναφέρονται.

ΦΟΙΤΗΤΕΣ ΓΕΩΛΟΓΙΚΟΥ

Ή ΔΕΗ ειδοποιεί τούς καταναλωτές τής περιοχής ότι θά διακοπή ή ηλεκτροδότηση γιά εργασίες στό δίκτυο. Ή διακοπή θά γίνει από ώρα 07.30 μέχρι 13.00 στίς περιοχές πού αναφέρονται.

Ή ΔΕΗ ειδοποιεί τούς καταναλωτές τής περιοχής ότι θά διακοπή ή ηλεκτροδότηση γιά εργασίες στό δίκτυο. Ή διακοπή θά γίνει από ώρα 07.30 μέχρι 13.00 στίς περιοχές πού αναφέρονται.

ΚΑΘΟΡΙΖΟΝΤΑΙ ΟΙ ΝΕΟΙ ΟΡΟΙ ΚΑΙ ΟΙ ΠΕΡΙΟΡΙΣΜΟΙ ΓΙΑ ΤΗ ΔΟΜΗΣΗ ΣΕ ΟΙΚΟΠΕΔΑ ΠΕΡΙΟΧΗΣ ΤΗΣ ΛΑΡΙΣΗΣ

Ή ΔΕΗ ειδοποιεί τούς καταναλωτές τής περιοχής ότι θά διακοπή ή ηλεκτροδότηση γιά εργασίες στό δίκτυο. Ή διακοπή θά γίνει από ώρα 07.30 μέχρι 13.00 στίς περιοχές πού αναφέρονται.

Ή ΔΕΗ ειδοποιεί τούς καταναλωτές τής περιοχής ότι θά διακοπή ή ηλεκτροδότηση γιά εργασίες στό δίκτυο. Ή διακοπή θά γίνει από ώρα 07.30 μέχρι 13.00 στίς περιοχές πού αναφέρονται.

Ή ΔΕΗ ειδοποιεί τούς καταναλωτές τής περιοχής ότι θά διακοπή ή ηλεκτροδότηση γιά εργασίες στό δίκτυο. Ή διακοπή θά γίνει από ώρα 07.30 μέχρι 13.00 στίς περιοχές πού αναφέρονται.

Ή ΔΕΗ ειδοποιεί τούς καταναλωτές τής περιοχής ότι θά διακοπή ή ηλεκτροδότηση γιά εργασίες στό δίκτυο. Ή διακοπή θά γίνει από ώρα 07.30 μέχρι 13.00 στίς περιοχές πού αναφέρονται.

ΚΑΤΑΡΓΗΣΗ, ΔΙΑΙΡΕΣΗ, ΣΥΓΧΩΝΕΥΣΗ ΚΑΙ ΥΠΟΒΙΒΑΣΜΟΣ ΔΗΜΟΤΙΚΩΝ ΣΧΟΛΕΙΩΝ ΘΕΣΣΑΛΙΑΣ, ΜΑΚΕΔΟΝΙΑΣ, ΘΡΑΚΗΣ

Ή ΔΕΗ ειδοποιεί τούς καταναλωτές τής περιοχής ότι θά διακοπή ή ηλεκτροδότηση γιά εργασίες στό δίκτυο. Ή διακοπή θά γίνει από ώρα 07.30 μέχρι 13.00 στίς περιοχές πού αναφέρονται.

Ή ΔΕΗ ειδοποιεί τούς καταναλωτές τής περιοχής ότι θά διακοπή ή ηλεκτροδότηση γιά εργασίες στό δίκτυο. Ή διακοπή θά γίνει από ώρα 07.30 μέχρι 13.00 στίς περιοχές πού αναφέρονται.

Ή ΔΕΗ ειδοποιεί τούς καταναλωτές τής περιοχής ότι θά διακοπή ή ηλεκτροδότηση γιά εργασίες στό δίκτυο. Ή διακοπή θά γίνει από ώρα 07.30 μέχρι 13.00 στίς περιοχές πού αναφέρονται.

Ή ΔΕΗ ειδοποιεί τούς καταναλωτές τής περιοχής ότι θά διακοπή ή ηλεκτροδότηση γιά εργασίες στό δίκτυο. Ή διακοπή θά γίνει από ώρα 07.30 μέχρι 13.00 στίς περιοχές πού αναφέρονται.

Ή ΔΕΗ ειδοποιεί τούς καταναλωτές τής περιοχής ότι θά διακοπή ή ηλεκτροδότηση γιά εργασίες στό δίκτυο. Ή διακοπή θά γίνει από ώρα 07.30 μέχρι 13.00 στίς περιοχές πού αναφέρονται.

Ή ΔΕΗ ειδοποιεί τούς καταναλωτές τής περιοχής ότι θά διακοπή ή ηλεκτροδότηση γιά εργασίες στό δίκτυο. Ή διακοπή θά γίνει από ώρα 07.30 μέχρι 13.00 στίς περιοχές πού αναφέρονται.

Ή ΔΕΗ ειδοποιεί τούς καταναλωτές τής περιοχής ότι θά διακοπή ή ηλεκτροδότηση γιά εργασίες στό δίκτυο. Ή διακοπή θά γίνει από ώρα 07.30 μέχρι 13.00 στίς περιοχές πού αναφέρονται.

Ή ΔΕΗ ειδοποιεί τούς καταναλωτές τής περιοχής ότι θά διακοπή ή ηλεκτροδότηση γιά εργασίες στό δίκτυο. Ή διακοπή θά γίνει από ώρα 07.30 μέχρι 13.00 στίς περιοχές πού αναφέρονται.

Ή ΔΕΗ ειδοποιεί τούς καταναλωτές τής περιοχής ότι θά διακοπή ή ηλεκτροδότηση γιά εργασίες στό δίκτυο. Ή διακοπή θά γίνει από ώρα 07.30 μέχρι 13.00 στίς περιοχές πού αναφέρονται.

Ή ΔΕΗ ειδοποιεί τούς καταναλωτές τής περιοχής ότι θά διακοπή ή ηλεκτροδότηση γιά εργασίες στό δίκτυο. Ή διακοπή θά γίνει από ώρα 07.30 μέχρι 13.00 στίς περιοχές πού αναφέρονται.

Ή ΔΕΗ ειδοποιεί τούς καταναλωτές τής περιοχής ότι θά διακοπή ή ηλεκτροδότηση γιά εργασίες στό δίκτυο. Ή διακοπή θά γίνει από ώρα 07.30 μέχρι 13.00 στίς περιοχές πού αναφέρονται.

Ή ΔΕΗ ειδοποιεί τούς καταναλωτές τής περιοχής ότι θά διακοπή ή ηλεκτροδότηση γιά εργασίες στό δίκτυο. Ή διακοπή θά γίνει από ώρα 07.30 μέχρι 13.00 στίς περιοχές πού αναφέρονται.

ΔΕΗ	ΔΙΑΚΟΠΗ ΗΛΕΚΤΡΙΚΟΥ ΡΕΥΜΑΤΟΣ
ΣΤΟΥΣ ΝΟΜΟΥΣ ΗΜΑΘΙΑΣ, ΚΑΣΤΟΡΙΑΣ ΚΑΙ ΚΙΛΚΙΣ

Ή ΔΕΗ ειδοποιεί τούς καταναλωτές τής περιοχής ότι θά διακοπή ή ηλεκτροδότηση γιά εργασίες στό δίκτυο. Ή διακοπή θά γίνει από ώρα 07.30 μέχρι 13.00 στίς περιοχές πού αναφέρονται.

Ή ΔΕΗ ειδοποιεί τούς καταναλωτές τής περιοχής ότι θά διακοπή ή ηλεκτροδότηση γιά εργασίες στό δίκτυο. Ή διακοπή θά γίνει από ώρα 07.30 μέχρι 13.00 στίς περιοχές πού αναφέρονται.

Ή ΔΕΗ ειδοποιεί τούς καταναλωτές τής περιοχής ότι θά διακοπή ή ηλεκτροδότηση γιά εργασίες στό δίκτυο. Ή διακοπή θά γίνει από ώρα 07.30 μέχρι 13.00 στίς περιοχές πού αναφέρονται.

Ή ΔΕΗ ειδοποιεί τούς καταναλωτές τής περιοχής ότι θά διακοπή ή ηλεκτροδότηση γιά εργασίες στό δίκτυο. Ή διακοπή θά γίνει από ώρα 07.30 μέχρι 13.00 στίς περιοχές πού αναφέρονται.

Ή ΔΕΗ ειδοποιεί τούς καταναλωτές τής περιοχής ότι θά διακοπή ή ηλεκτροδότηση γιά εργασίες στό δίκτυο. Ή διακοπή θά γίνει από ώρα 07.30 μέχρι 13.00 στίς περιοχές πού αναφέρονται.

Ή ΔΕΗ ειδοποιεί τούς καταναλωτές τής περιοχής ότι θά διακοπή ή ηλεκτροδότηση γιά εργασίες στό δίκτυο. Ή διακοπή θά γίνει από ώρα 07.30 μέχρι 13.00 στίς περιοχές πού αναφέρονται.

Ή ΔΕΗ ειδοποιεί τούς καταναλωτές τής περιοχής ότι θά διακοπή ή ηλεκτροδότηση γιά εργασίες στό δίκτυο. Ή διακοπή θά γίνει από ώρα 07.30 μέχρι 13.00 στίς περιοχές πού αναφέρονται.

Δ.Ε.Η.
